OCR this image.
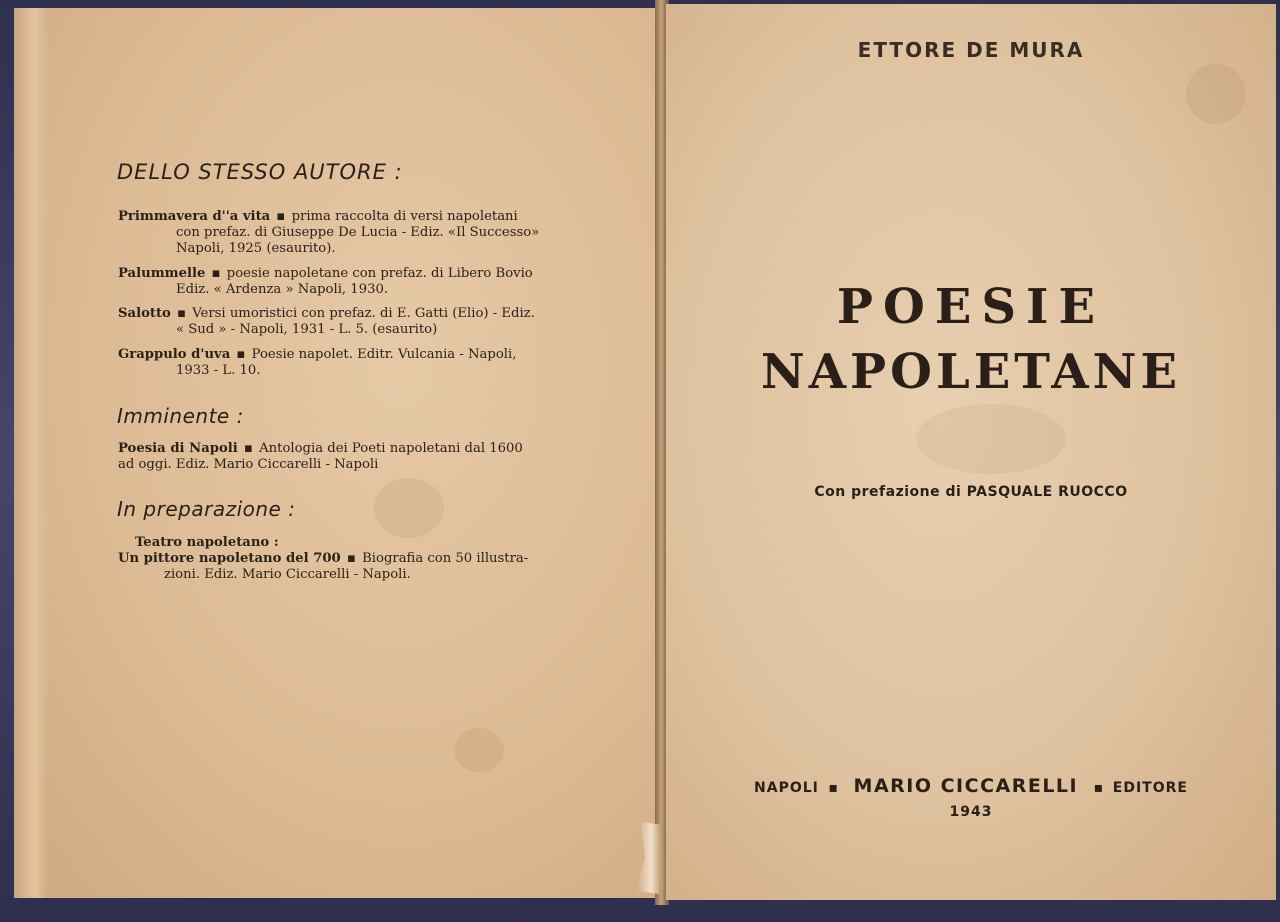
DELLO STESSO AUTORE :
Primmavera d''a vita ▪ prima raccolta di versi napoletani
con prefaz. di Giuseppe De Lucia - Ediz. «Il Successo»
Napoli, 1925 (esaurito).
Palummelle ▪ poesie napoletane con prefaz. di Libero Bovio
Ediz. « Ardenza » Napoli, 1930.
Salotto ▪ Versi umoristici con prefaz. di E. Gatti (Elio) - Ediz.
« Sud » - Napoli, 1931 - L. 5. (esaurito)
Grappulo d'uva ▪ Poesie napolet. Editr. Vulcania - Napoli,
1933 - L. 10.
Imminente :
Poesia di Napoli ▪ Antologia dei Poeti napoletani dal 1600
ad oggi. Ediz. Mario Ciccarelli - Napoli
In preparazione :
Teatro napoletano :
Un pittore napoletano del 700 ▪ Biografia con 50 illustra-
zioni. Ediz. Mario Ciccarelli - Napoli.
ETTORE DE MURA
POESIE
NAPOLETANE
Con prefazione di PASQUALE RUOCCO
NAPOLI ▪ MARIO CICCARELLI ▪ EDITORE
1943
